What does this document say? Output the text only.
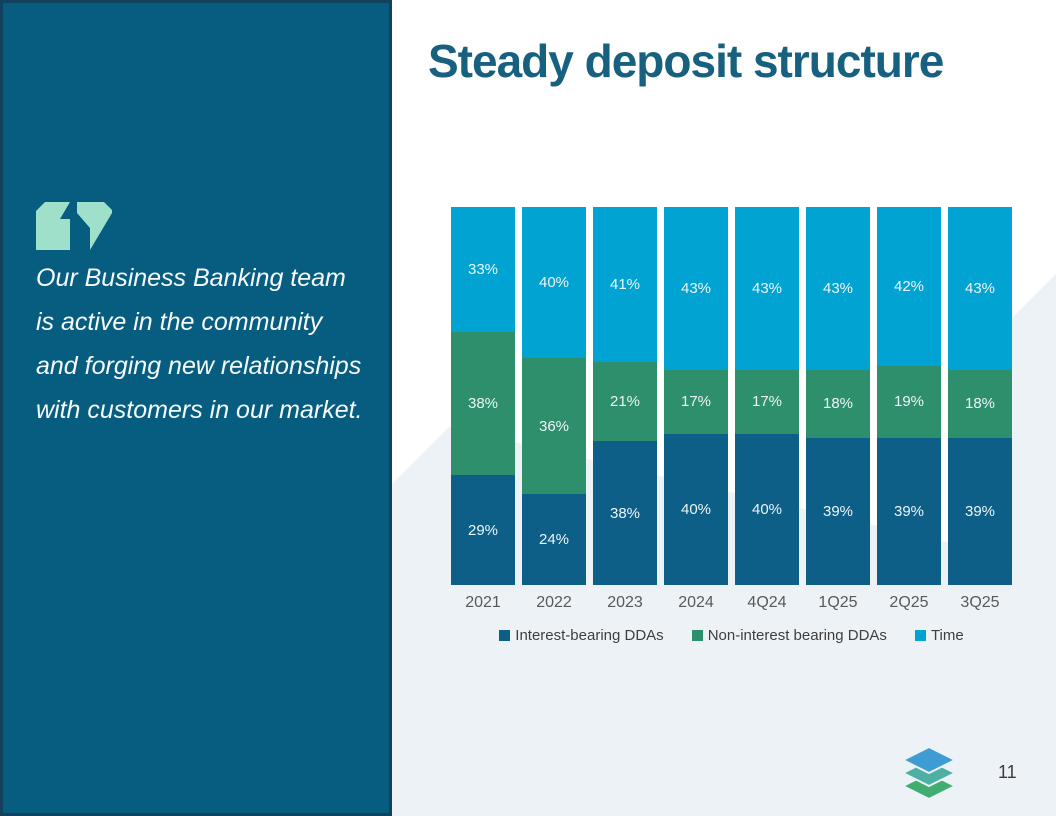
Our Business Banking team is active in the community and forging new relationships with customers in our market.

Steady deposit structure
29%
38%
33%
24%
36%
40%
38%
21%
41%
40%
17%
43%
40%
17%
43%
39%
18%
43%
39%
19%
42%
39%
18%
43%
2021	2022	2023	2024	4Q24	1Q25	2Q25	3Q25
Interest-bearing DDAs	Non-interest bearing DDAs	Time
11
